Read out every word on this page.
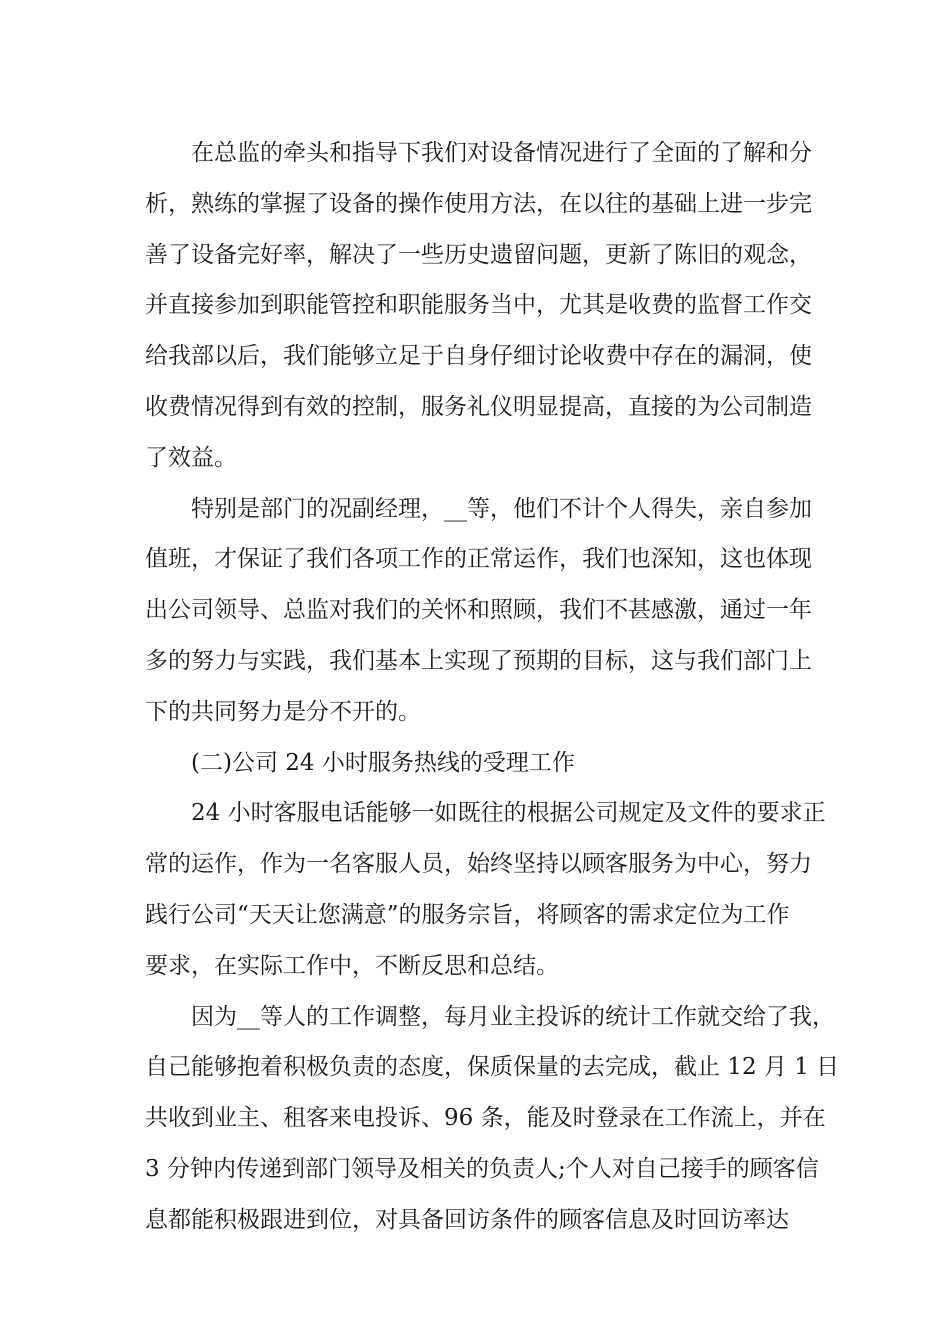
在总监的牵头和指导下我们对设备情况进行了全面的了解和分
析，熟练的掌握了设备的操作使用方法，在以往的基础上进一步完
善了设备完好率，解决了一些历史遗留问题，更新了陈旧的观念，
并直接参加到职能管控和职能服务当中，尤其是收费的监督工作交
给我部以后，我们能够立足于自身仔细讨论收费中存在的漏洞，使
收费情况得到有效的控制，服务礼仪明显提高，直接的为公司制造
了效益。
特别是部门的况副经理，__等，他们不计个人得失，亲自参加
值班，才保证了我们各项工作的正常运作，我们也深知，这也体现
出公司领导、总监对我们的关怀和照顾，我们不甚感激，通过一年
多的努力与实践，我们基本上实现了预期的目标，这与我们部门上
下的共同努力是分不开的。
(二)公司 24 小时服务热线的受理工作
24 小时客服电话能够一如既往的根据公司规定及文件的要求正
常的运作，作为一名客服人员，始终坚持以顾客服务为中心，努力
践行公司“天天让您满意”的服务宗旨，将顾客的需求定位为工作
要求，在实际工作中，不断反思和总结。
因为__等人的工作调整，每月业主投诉的统计工作就交给了我，
自己能够抱着积极负责的态度，保质保量的去完成，截止 12 月 1 日
共收到业主、租客来电投诉、96 条，能及时登录在工作流上，并在
3 分钟内传递到部门领导及相关的负责人;个人对自己接手的顾客信
息都能积极跟进到位，对具备回访条件的顾客信息及时回访率达
